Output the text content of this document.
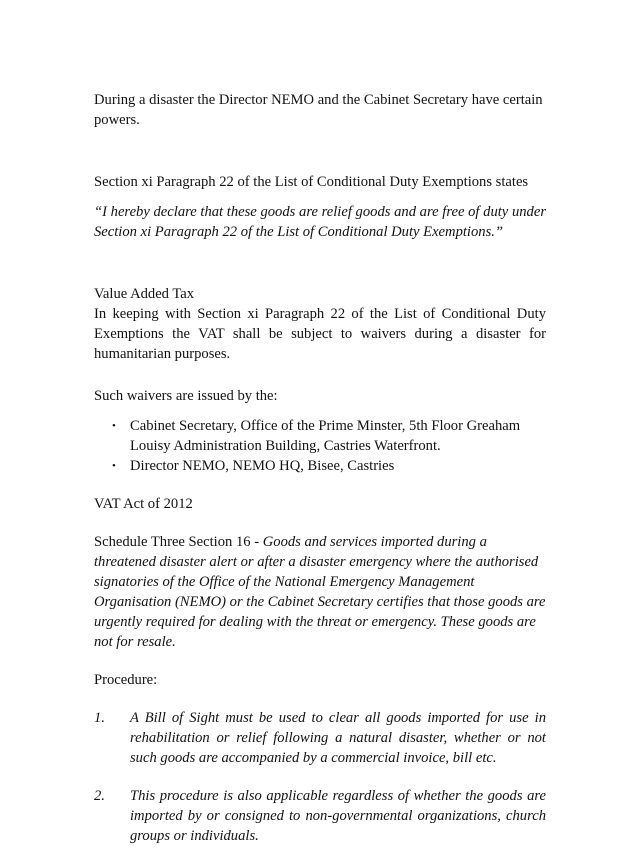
During a disaster the Director NEMO and the Cabinet Secretary have certain powers.

Section xi Paragraph 22 of the List of Conditional Duty Exemptions states

“I hereby declare that these goods are relief goods and are free of duty under Section xi Paragraph 22 of the List of Conditional Duty Exemptions.”

Value Added Tax

In keeping with Section xi Paragraph 22 of the List of Conditional Duty Exemptions the VAT shall be subject to waivers during a disaster for humanitarian purposes.

Such waivers are issued by the:

• Cabinet Secretary, Office of the Prime Minster, 5th Floor Greaham Louisy Administration Building, Castries Waterfront.
• Director NEMO, NEMO HQ, Bisee, Castries

VAT Act of 2012

Schedule Three Section 16 - Goods and services imported during a threatened disaster alert or after a disaster emergency where the authorised signatories of the Office of the National Emergency Management Organisation (NEMO) or the Cabinet Secretary certifies that those goods are urgently required for dealing with the threat or emergency. These goods are not for resale.

Procedure:

1. A Bill of Sight must be used to clear all goods imported for use in rehabilitation or relief following a natural disaster, whether or not such goods are accompanied by a commercial invoice, bill etc.
2. This procedure is also applicable regardless of whether the goods are imported by or consigned to non-governmental organizations, church groups or individuals.
